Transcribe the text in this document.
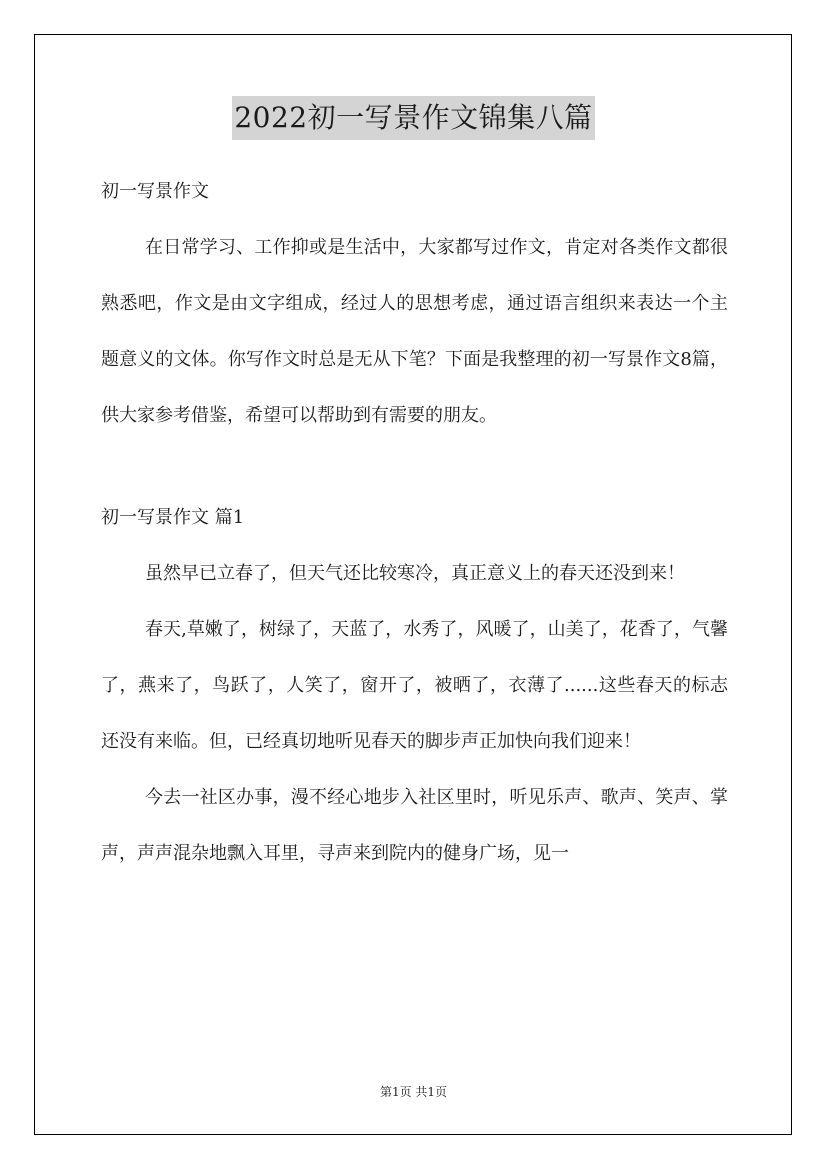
2022初一写景作文锦集八篇

初一写景作文

在日常学习、工作抑或是生活中，大家都写过作文，肯定对各类作文都很熟悉吧，作文是由文字组成，经过人的思想考虑，通过语言组织来表达一个主题意义的文体。你写作文时总是无从下笔？下面是我整理的初一写景作文8篇，供大家参考借鉴，希望可以帮助到有需要的朋友。

初一写景作文 篇1

虽然早已立春了，但天气还比较寒冷，真正意义上的春天还没到来！

春天,草嫩了，树绿了，天蓝了，水秀了，风暖了，山美了，花香了，气馨了，燕来了，鸟跃了，人笑了，窗开了，被晒了，衣薄了......这些春天的标志还没有来临。但，已经真切地听见春天的脚步声正加快向我们迎来！

今去一社区办事，漫不经心地步入社区里时，听见乐声、歌声、笑声、掌声，声声混杂地飘入耳里，寻声来到院内的健身广场，见一

第1页 共1页
